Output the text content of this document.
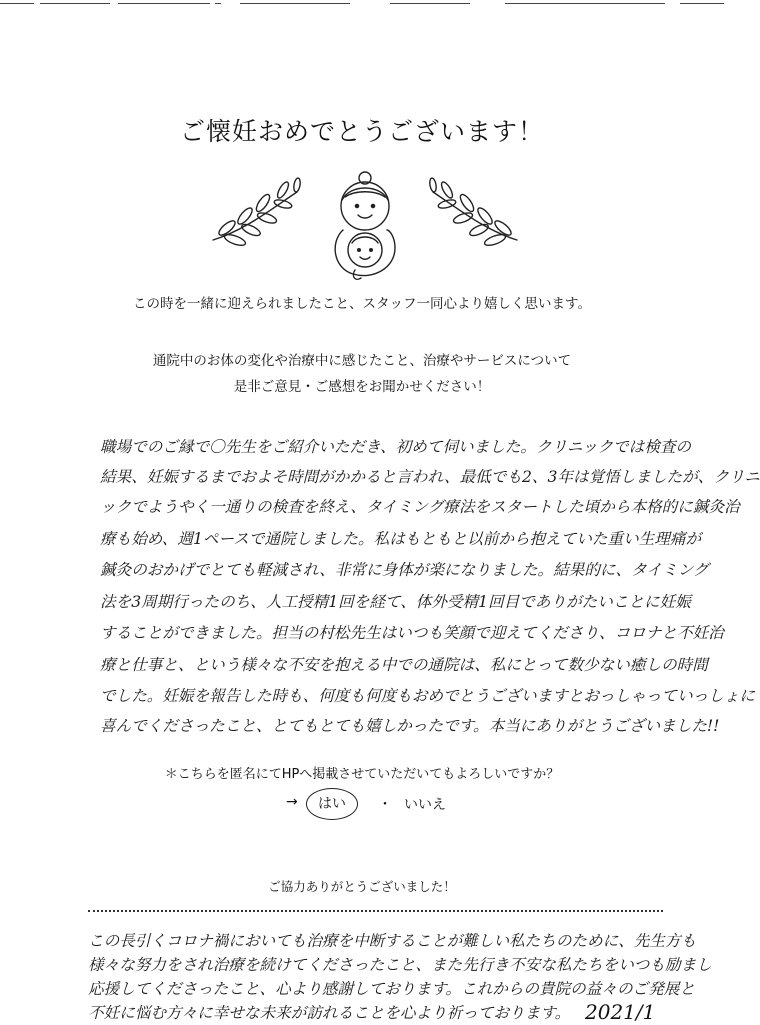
ご懐妊おめでとうございます！
この時を一緒に迎えられましたこと、スタッフ一同心より嬉しく思います。
通院中のお体の変化や治療中に感じたこと、治療やサービスについて
是非ご意見・ご感想をお聞かせください！
職場でのご縁で〇先生をご紹介いただき、初めて伺いました。クリニックでは検査の
結果、妊娠するまでおよそ時間がかかると言われ、最低でも2、3年は覚悟しましたが、クリニ
ックでようやく一通りの検査を終え、タイミング療法をスタートした頃から本格的に鍼灸治
療も始め、週1ペースで通院しました。私はもともと以前から抱えていた重い生理痛が
鍼灸のおかげでとても軽減され、非常に身体が楽になりました。結果的に、タイミング
法を3周期行ったのち、人工授精1回を経て、体外受精1回目でありがたいことに妊娠
することができました。担当の村松先生はいつも笑顔で迎えてくださり、コロナと不妊治
療と仕事と、という様々な不安を抱える中での通院は、私にとって数少ない癒しの時間
でした。妊娠を報告した時も、何度も何度もおめでとうございますとおっしゃっていっしょに
喜んでくださったこと、とてもとても嬉しかったです。本当にありがとうございました!!
＊こちらを匿名にてHPへ掲載させていただいてもよろしいですか？
→	はい	・ いいえ
ご協力ありがとうございました！
この長引くコロナ禍においても治療を中断することが難しい私たちのために、先生方も
様々な努力をされ治療を続けてくださったこと、また先行き不安な私たちをいつも励まし
応援してくださったこと、心より感謝しております。これからの貴院の益々のご発展と
不妊に悩む方々に幸せな未来が訪れることを心より祈っております。 2021/1
